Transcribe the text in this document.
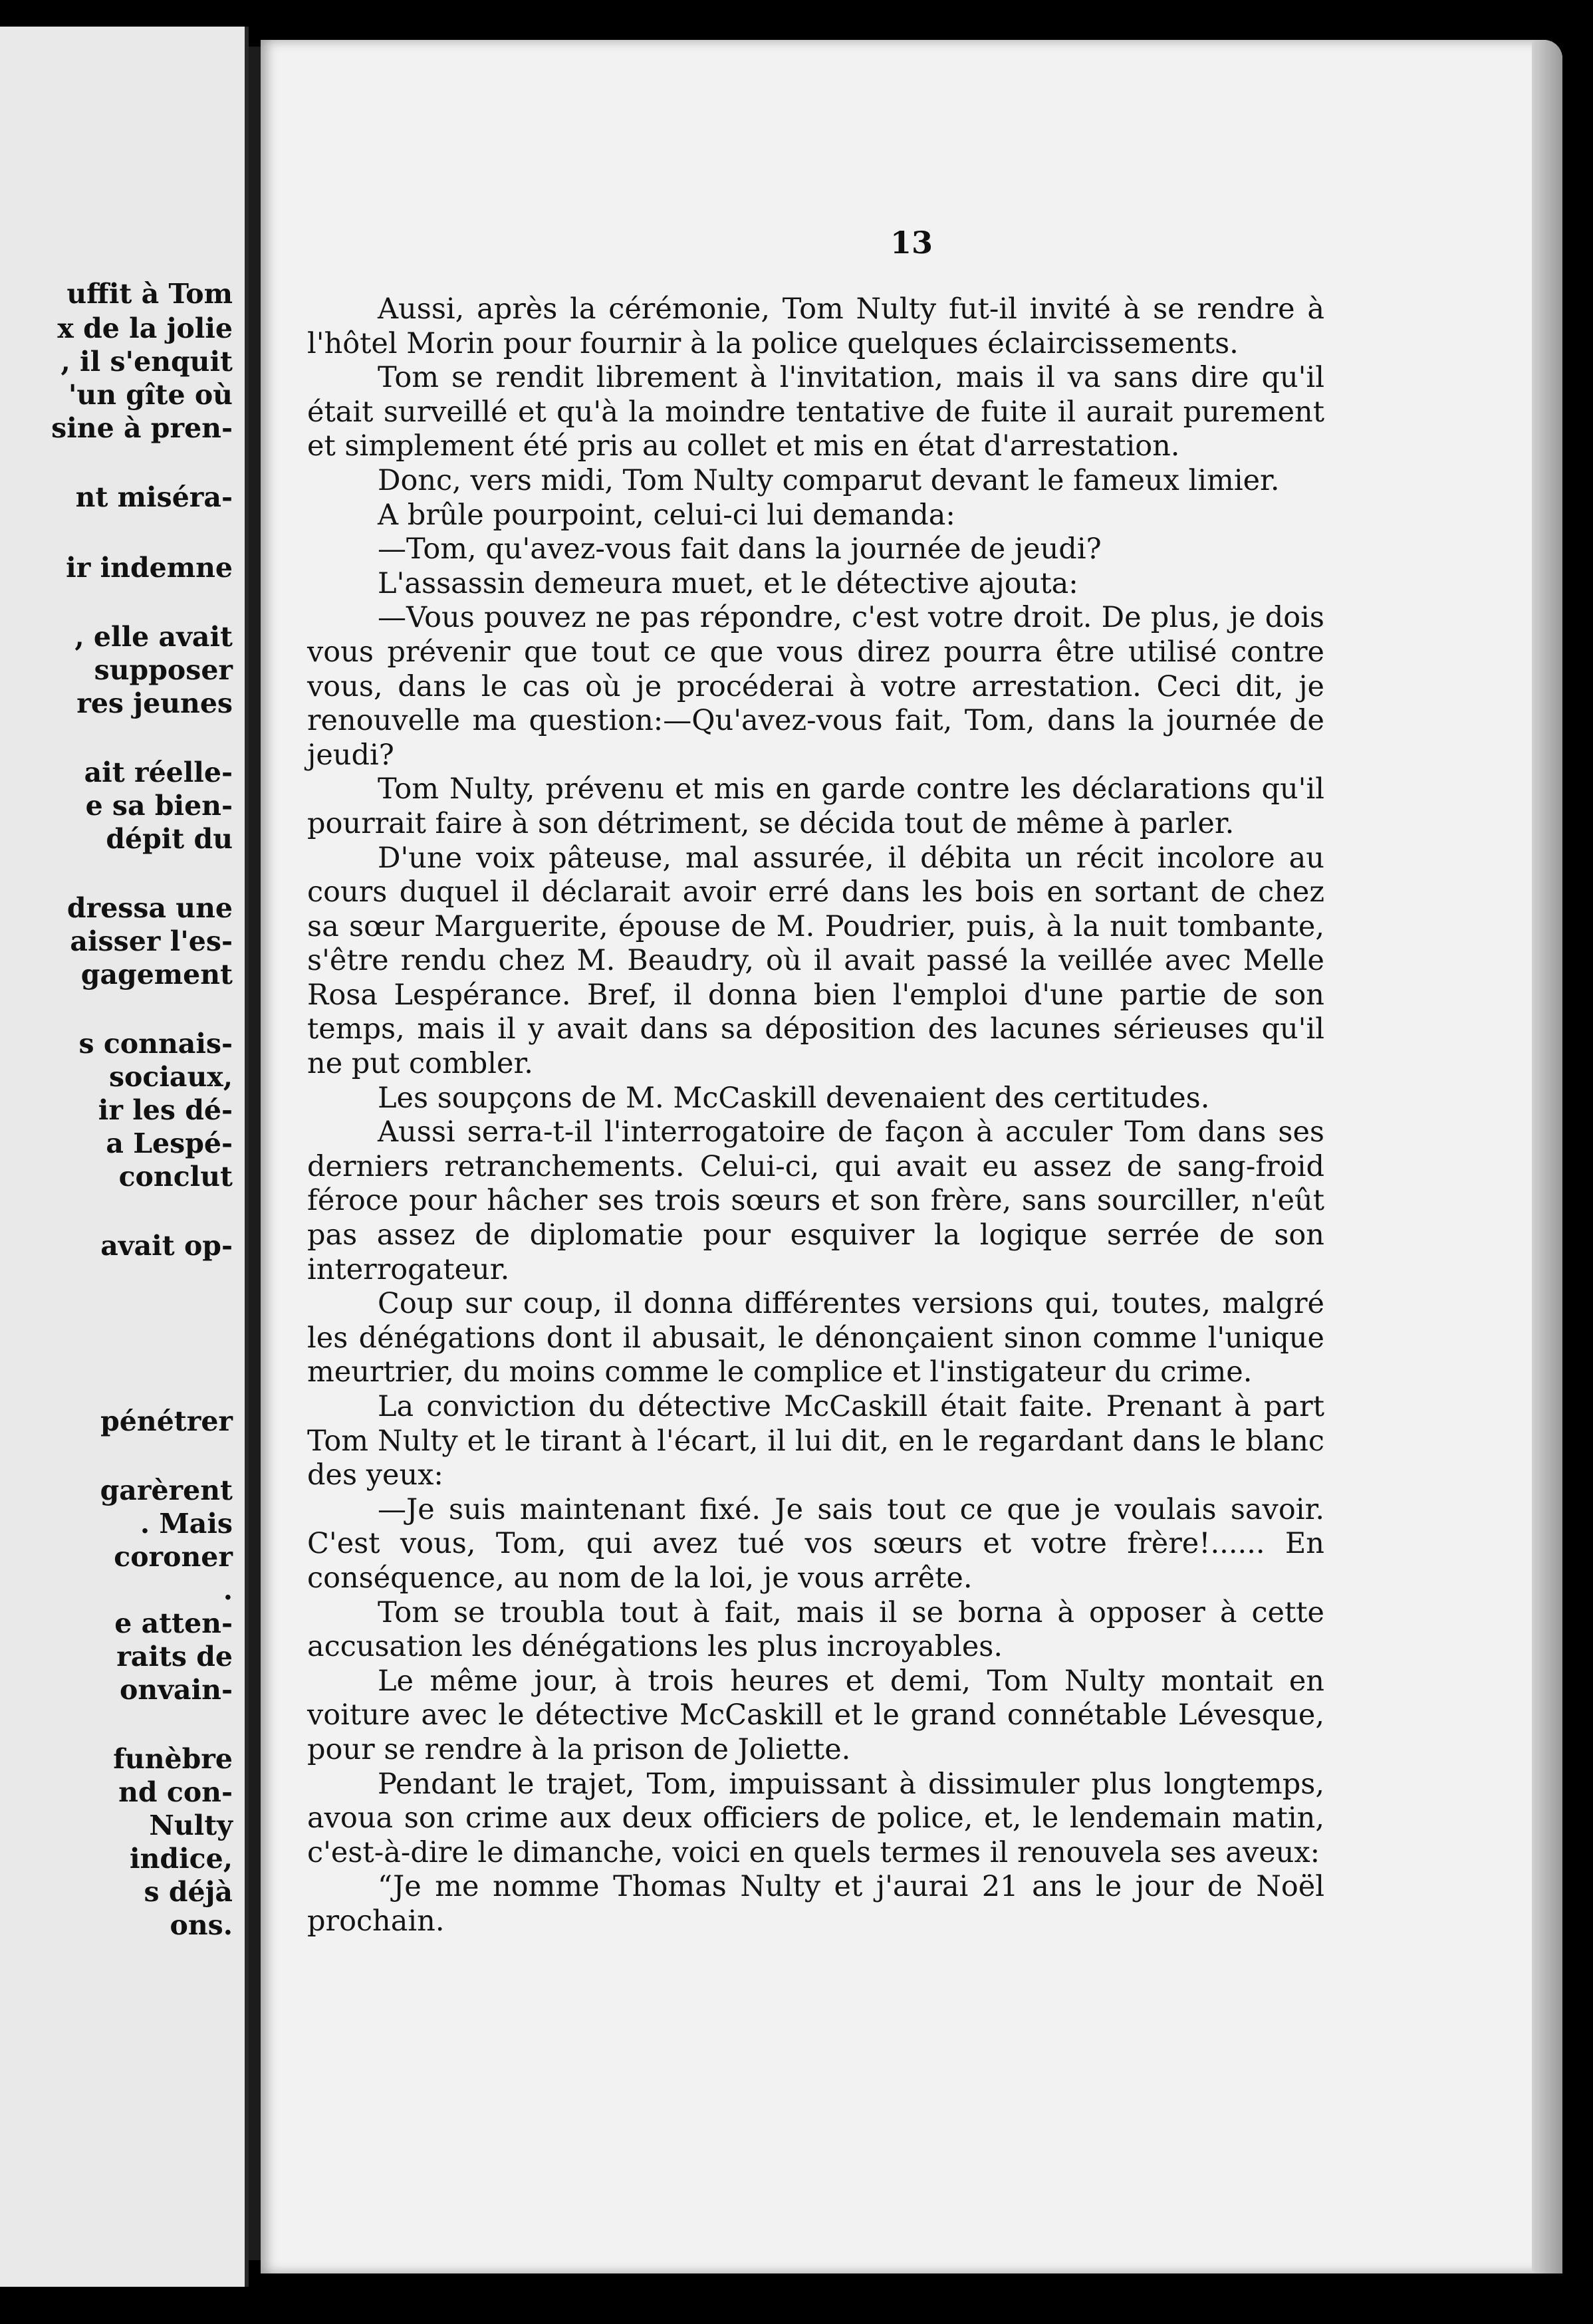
uffit à Tom
x de la jolie
, il s'enquit
'un gîte où
sine à pren-
nt miséra-
ir indemne
, elle avait
supposer
res jeunes
ait réelle-
e sa bien-
dépit du
dressa une
aisser l'es-
gagement
s connais-
sociaux,
ir les dé-
a Lespé-
conclut
avait op-
pénétrer
garèrent
. Mais
coroner
.
e atten-
raits de
onvain-
funèbre
nd con-
Nulty
indice,
s déjà
ons.
13

Aussi, après la cérémonie, Tom Nulty fut-il invité à se rendre à l'hôtel Morin pour fournir à la police quelques éclaircissements.

Tom se rendit librement à l'invitation, mais il va sans dire qu'il était surveillé et qu'à la moindre tentative de fuite il aurait purement et simplement été pris au collet et mis en état d'arrestation.

Donc, vers midi, Tom Nulty comparut devant le fameux limier.

A brûle pourpoint, celui-ci lui demanda:

—Tom, qu'avez-vous fait dans la journée de jeudi?

L'assassin demeura muet, et le détective ajouta:

—Vous pouvez ne pas répondre, c'est votre droit. De plus, je dois vous prévenir que tout ce que vous direz pourra être utilisé contre vous, dans le cas où je procéderai à votre arrestation. Ceci dit, je renouvelle ma question:—Qu'avez-vous fait, Tom, dans la journée de jeudi?

Tom Nulty, prévenu et mis en garde contre les déclarations qu'il pourrait faire à son détriment, se décida tout de même à parler.

D'une voix pâteuse, mal assurée, il débita un récit incolore au cours duquel il déclarait avoir erré dans les bois en sortant de chez sa sœur Marguerite, épouse de M. Poudrier, puis, à la nuit tombante, s'être rendu chez M. Beaudry, où il avait passé la veillée avec Melle Rosa Lespérance. Bref, il donna bien l'emploi d'une partie de son temps, mais il y avait dans sa déposition des lacunes sérieuses qu'il ne put combler.

Les soupçons de M. McCaskill devenaient des certitudes.

Aussi serra-t-il l'interrogatoire de façon à acculer Tom dans ses derniers retranchements. Celui-ci, qui avait eu assez de sang-froid féroce pour hâcher ses trois sœurs et son frère, sans sourciller, n'eût pas assez de diplomatie pour esquiver la logique serrée de son interrogateur.

Coup sur coup, il donna différentes versions qui, toutes, malgré les dénégations dont il abusait, le dénonçaient sinon comme l'unique meurtrier, du moins comme le complice et l'instigateur du crime.

La conviction du détective McCaskill était faite. Prenant à part Tom Nulty et le tirant à l'écart, il lui dit, en le regardant dans le blanc des yeux:

—Je suis maintenant fixé. Je sais tout ce que je voulais savoir. C'est vous, Tom, qui avez tué vos sœurs et votre frère!...... En conséquence, au nom de la loi, je vous arrête.

Tom se troubla tout à fait, mais il se borna à opposer à cette accusation les dénégations les plus incroyables.

Le même jour, à trois heures et demi, Tom Nulty montait en voiture avec le détective McCaskill et le grand connétable Lévesque, pour se rendre à la prison de Joliette.

Pendant le trajet, Tom, impuissant à dissimuler plus longtemps, avoua son crime aux deux officiers de police, et, le lendemain matin, c'est-à-dire le dimanche, voici en quels termes il renouvela ses aveux:

“Je me nomme Thomas Nulty et j'aurai 21 ans le jour de Noël prochain.
